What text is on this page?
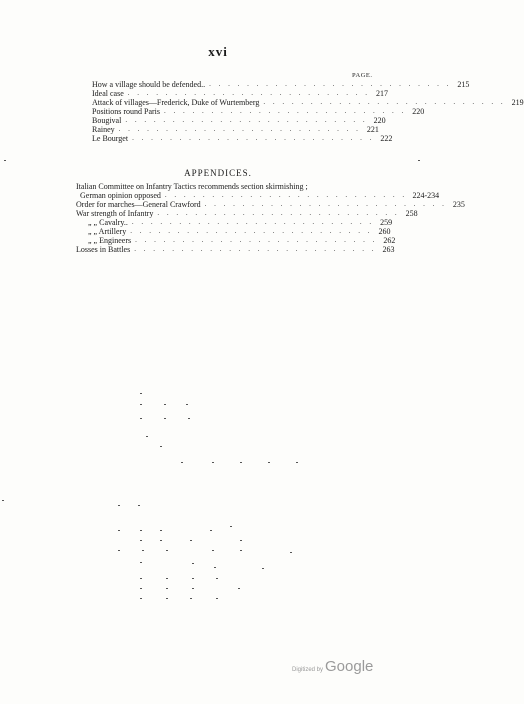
xvi
PAGE.
How a village should be defended.. . . . . . . . . . . . . . . . . . . . . . . . . . . 215
Ideal case . . . . . . . . . . . . . . . . . . . . . . . . . . 217
Attack of villages—Frederick, Duke of Wurtemberg . . . . . . . . . . . . . . . . . . . . . . . . . . 219
Positions round Paris . . . . . . . . . . . . . . . . . . . . . . . . . . 220
Bougival . . . . . . . . . . . . . . . . . . . . . . . . . . 220
Rainey . . . . . . . . . . . . . . . . . . . . . . . . . . 221
Le Bourget . . . . . . . . . . . . . . . . . . . . . . . . . . 222
APPENDICES.
Italian Committee on Infantry Tactics recommends section skirmishing ;
German opinion opposed . . . . . . . . . . . . . . . . . . . . . . . . . . 224-234
Order for marches—General Crawford . . . . . . . . . . . . . . . . . . . . . . . . . . 235
War strength of Infantry . . . . . . . . . . . . . . . . . . . . . . . . . . 258
„ „ Cavalry.. . . . . . . . . . . . . . . . . . . . . . . . . . . 259
„ „ Artillery . . . . . . . . . . . . . . . . . . . . . . . . . . 260
„ „ Engineers . . . . . . . . . . . . . . . . . . . . . . . . . . 262
Losses in Battles . . . . . . . . . . . . . . . . . . . . . . . . . . 263
Digitized by Google
